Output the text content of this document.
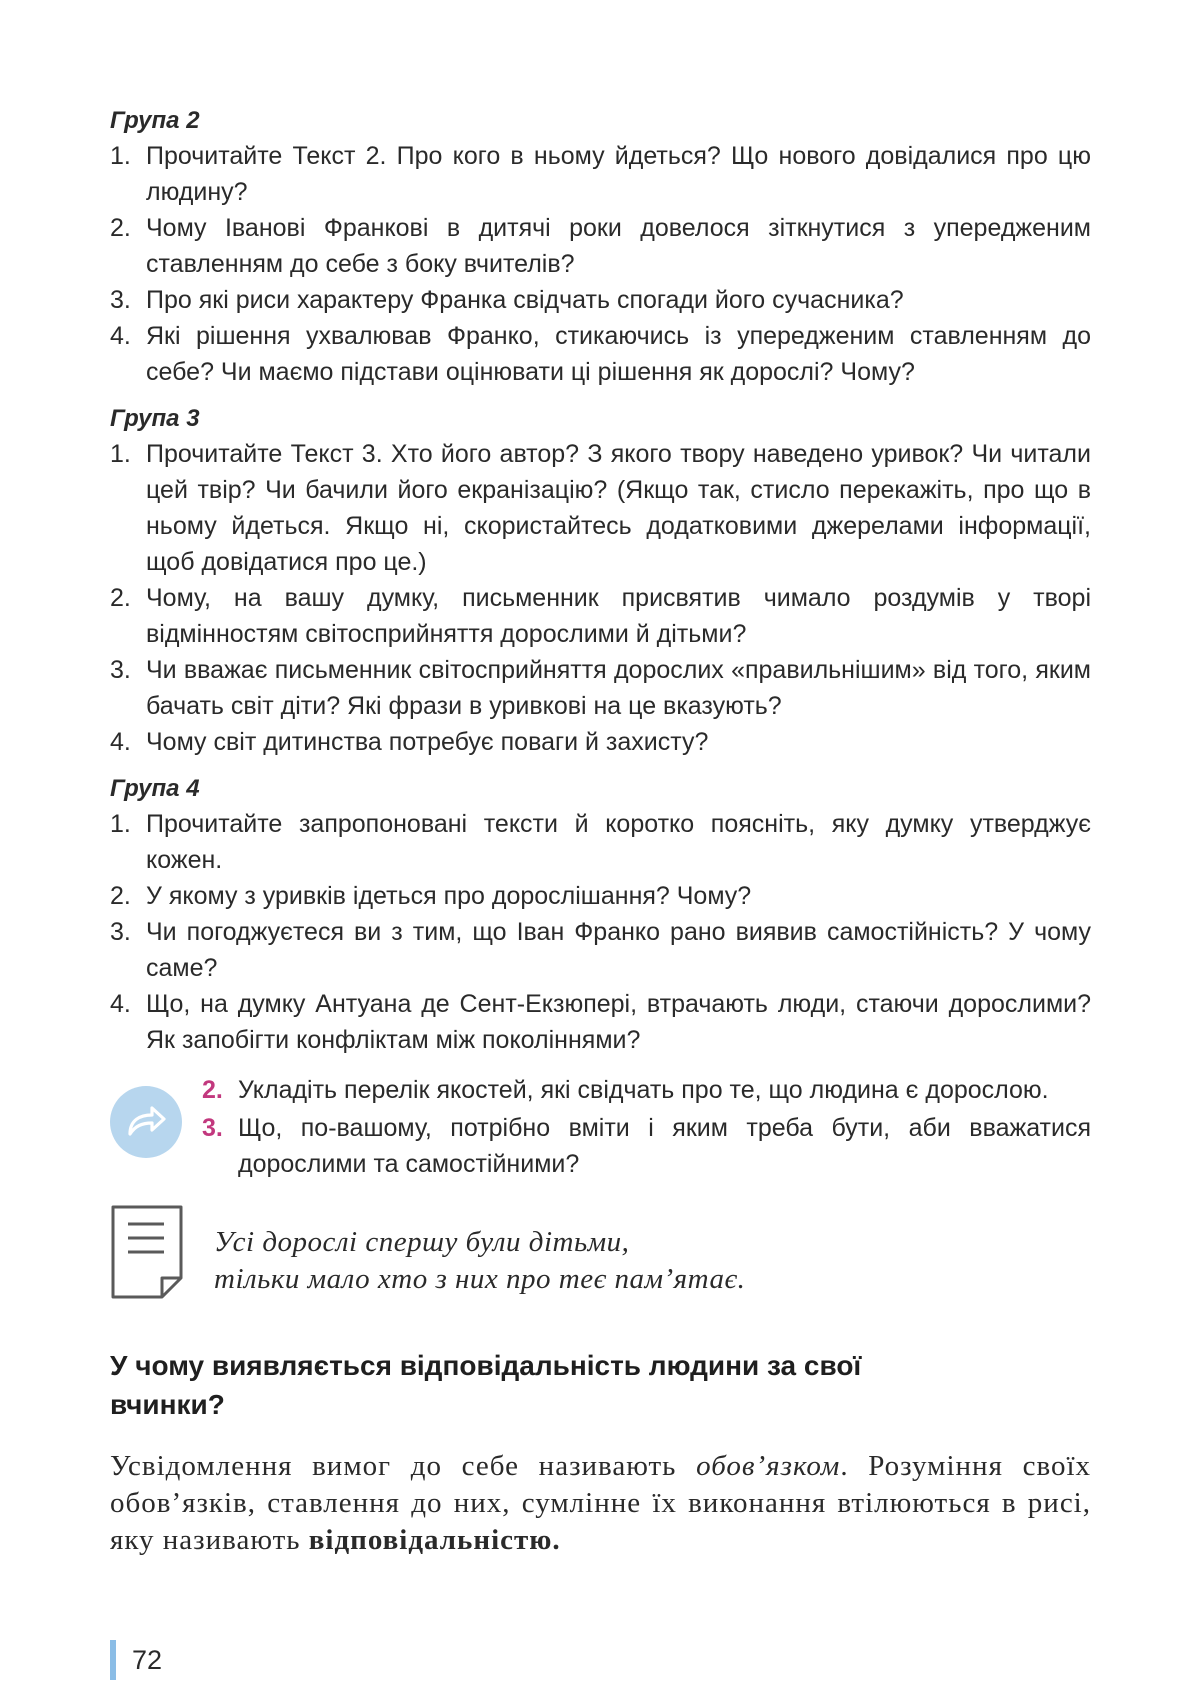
Група 2
1. Прочитайте Текст 2. Про кого в ньому йдеться? Що нового довідалися про цю людину?
2. Чому Іванові Франкові в дитячі роки довелося зіткнутися з упередженим ставленням до себе з боку вчителів?
3. Про які риси характеру Франка свідчать спогади його сучасника?
4. Які рішення ухвалював Франко, стикаючись із упередженим ставленням до себе? Чи маємо підстави оцінювати ці рішення як дорослі? Чому?
Група 3
1. Прочитайте Текст 3. Хто його автор? З якого твору наведено уривок? Чи читали цей твір? Чи бачили його екранізацію? (Якщо так, стисло перекажіть, про що в ньому йдеться. Якщо ні, скористайтесь додатковими джерелами інформації, щоб довідатися про це.)
2. Чому, на вашу думку, письменник присвятив чимало роздумів у творі відмінностям світосприйняття дорослими й дітьми?
3. Чи вважає письменник світосприйняття дорослих «правильнішим» від того, яким бачать світ діти? Які фрази в уривкові на це вказують?
4. Чому світ дитинства потребує поваги й захисту?
Група 4
1. Прочитайте запропоновані тексти й коротко поясніть, яку думку утверджує кожен.
2. У якому з уривків ідеться про дорослішання? Чому?
3. Чи погоджуєтеся ви з тим, що Іван Франко рано виявив самостійність? У чому саме?
4. Що, на думку Антуана де Сент-Екзюпері, втрачають люди, стаючи дорослими? Як запобігти конфліктам між поколіннями?
2. Укладіть перелік якостей, які свідчать про те, що людина є дорослою.
3. Що, по-вашому, потрібно вміти і яким треба бути, аби вважатися дорослими та самостійними?
Усі дорослі спершу були дітьми,
тільки мало хто з них про теє пам’ятає.
У чому виявляється відповідальність людини за свої вчинки?
Усвідомлення вимог до себе називають обов’язком. Розуміння своїх обов’язків, ставлення до них, сумлінне їх виконання втілюються в рисі, яку називають відповідальністю.
72
